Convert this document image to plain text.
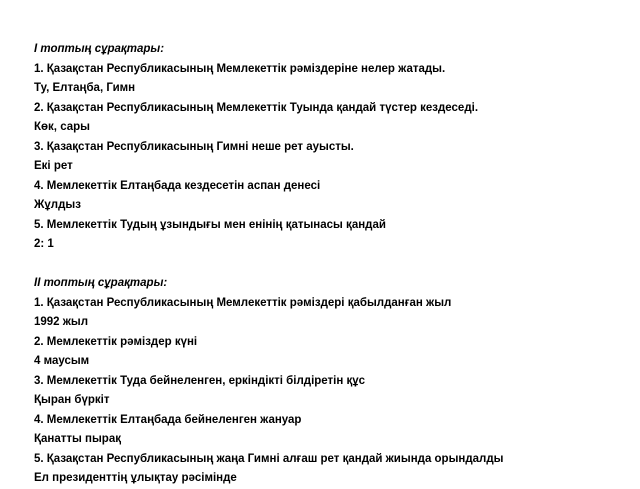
I топтың сұрақтары:
1. Қазақстан Республикасының Мемлекеттік рәміздеріне нелер жатады.
Ту, Елтаңба, Гимн
2. Қазақстан Республикасының Мемлекеттік Туында қандай түстер кездеседі.
Көк, сары
3. Қазақстан Республикасының Гимні неше рет ауысты.
Екі рет
4. Мемлекеттік Елтаңбада кездесетін аспан денесі
Жұлдыз
5. Мемлекеттік Тудың ұзындығы мен енінің қатынасы қандай
2: 1
II топтың сұрақтары:
1. Қазақстан Республикасының Мемлекеттік рәміздері қабылданған жыл
1992 жыл
2. Мемлекеттік рәміздер күні
4 маусым
3. Мемлекеттік Туда бейнеленген, еркіндікті білдіретін құс
Қыран бүркіт
4. Мемлекеттік Елтаңбада бейнеленген жануар
Қанатты пырақ
5. Қазақстан Республикасының жаңа Гимні алғаш рет қандай жиында орындалды
Ел президенттің ұлықтау рәсімінде
